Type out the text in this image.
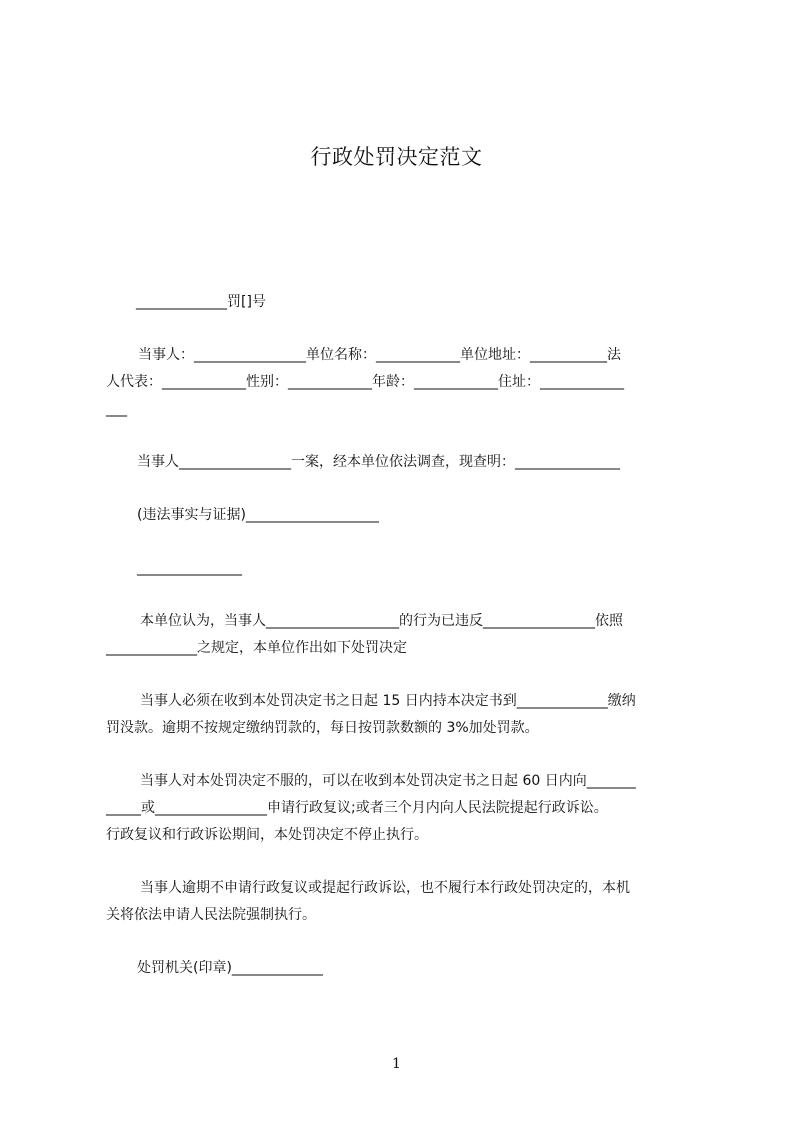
行政处罚决定范文
_____________罚[]号
当事人：________________单位名称：____________单位地址：___________法
人代表：____________性别：____________年龄：____________住址：____________
___
当事人________________一案，经本单位依法调查，现查明：_______________
(违法事实与证据)___________________
_______________
本单位认为，当事人___________________的行为已违反________________依照
_____________之规定，本单位作出如下处罚决定
当事人必须在收到本处罚决定书之日起 15 日内持本决定书到_____________缴纳
罚没款。逾期不按规定缴纳罚款的，每日按罚款数额的 3%加处罚款。
当事人对本处罚决定不服的，可以在收到本处罚决定书之日起 60 日内向_______
_____或________________申请行政复议;或者三个月内向人民法院提起行政诉讼。
行政复议和行政诉讼期间，本处罚决定不停止执行。
当事人逾期不申请行政复议或提起行政诉讼，也不履行本行政处罚决定的，本机
关将依法申请人民法院强制执行。
处罚机关(印章)_____________
1
